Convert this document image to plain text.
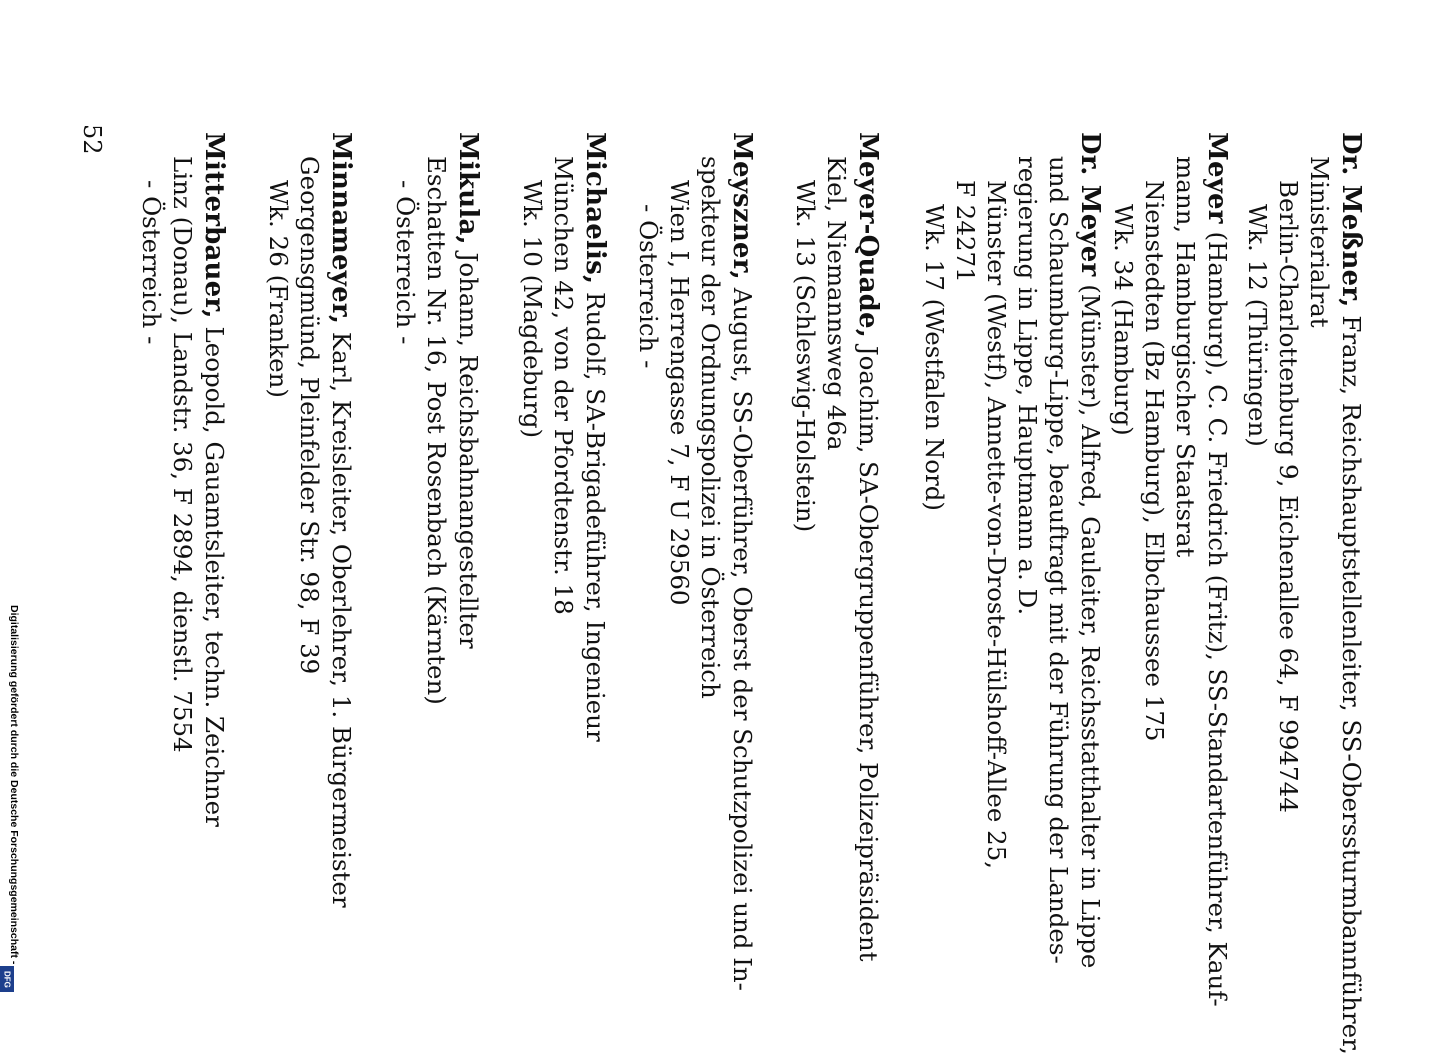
Dr. Meßner, Franz, Reichshauptstellenleiter, SS-Oberssturmbannführer,
Ministerialrat
Berlin-Charlottenburg 9, Eichenallee 64, F 994744
Wk. 12 (Thüringen)
Meyer (Hamburg), C. C. Friedrich (Fritz), SS-Standartenführer, Kauf-
mann, Hamburgischer Staatsrat
Nienstedten (Bz Hamburg), Elbchaussee 175
Wk. 34 (Hamburg)
Dr. Meyer (Münster), Alfred, Gauleiter, Reichsstatthalter in Lippe
und Schaumburg-Lippe, beauftragt mit der Führung der Landes-
regierung in Lippe, Hauptmann a. D.
Münster (Westf), Annette-von-Droste-Hülshoff-Allee 25,
F 24271
Wk. 17 (Westfalen Nord)
Meyer-Quade, Joachim, SA-Obergruppenführer, Polizeipräsident
Kiel, Niemannsweg 46a
Wk. 13 (Schleswig-Holstein)
Meyszner, August, SS-Oberführer, Oberst der Schutzpolizei und In-
spekteur der Ordnungspolizei in Österreich
Wien I, Herrengasse 7, F U 29560
- Österreich -
Michaelis, Rudolf, SA-Brigadeführer, Ingenieur
München 42, von der Pfordtenstr. 18
Wk. 10 (Magdeburg)
Mikula, Johann, Reichsbahnangestellter
Eschatten Nr. 16, Post Rosenbach (Kärnten)
- Österreich -
Minnameyer, Karl, Kreisleiter, Oberlehrer, 1. Bürgermeister
Georgensgmünd, Pleinfelder Str. 98, F 39
Wk. 26 (Franken)
Mitterbauer, Leopold, Gauamtsleiter, techn. Zeichner
Linz (Donau), Landstr. 36, F 2894, dienstl. 7554
- Österreich -
52
Digitalisierung gefördert durch die Deutsche Forschungsgemeinschaft -
DFG
